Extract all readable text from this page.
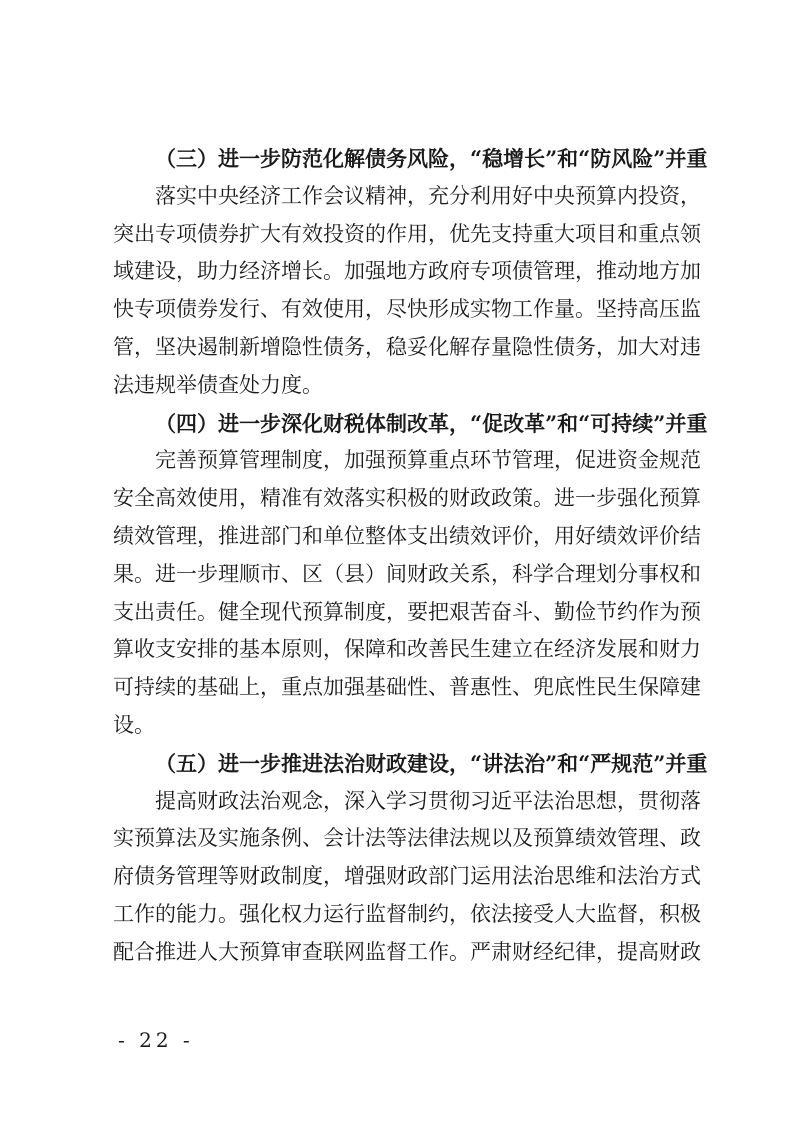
（三）进一步防范化解债务风险，“稳增长”和“防风险”并重
落实中央经济工作会议精神，充分利用好中央预算内投资，
突出专项债券扩大有效投资的作用，优先支持重大项目和重点领
域建设，助力经济增长。加强地方政府专项债管理，推动地方加
快专项债券发行、有效使用，尽快形成实物工作量。坚持高压监
管，坚决遏制新增隐性债务，稳妥化解存量隐性债务，加大对违
法违规举债查处力度。
（四）进一步深化财税体制改革，“促改革”和“可持续”并重
完善预算管理制度，加强预算重点环节管理，促进资金规范
安全高效使用，精准有效落实积极的财政政策。进一步强化预算
绩效管理，推进部门和单位整体支出绩效评价，用好绩效评价结
果。进一步理顺市、区（县）间财政关系，科学合理划分事权和
支出责任。健全现代预算制度，要把艰苦奋斗、勤俭节约作为预
算收支安排的基本原则，保障和改善民生建立在经济发展和财力
可持续的基础上，重点加强基础性、普惠性、兜底性民生保障建
设。
（五）进一步推进法治财政建设，“讲法治”和“严规范”并重
提高财政法治观念，深入学习贯彻习近平法治思想，贯彻落
实预算法及实施条例、会计法等法律法规以及预算绩效管理、政
府债务管理等财政制度，增强财政部门运用法治思维和法治方式
工作的能力。强化权力运行监督制约，依法接受人大监督，积极
配合推进人大预算审查联网监督工作。严肃财经纪律，提高财政
- 22 -
